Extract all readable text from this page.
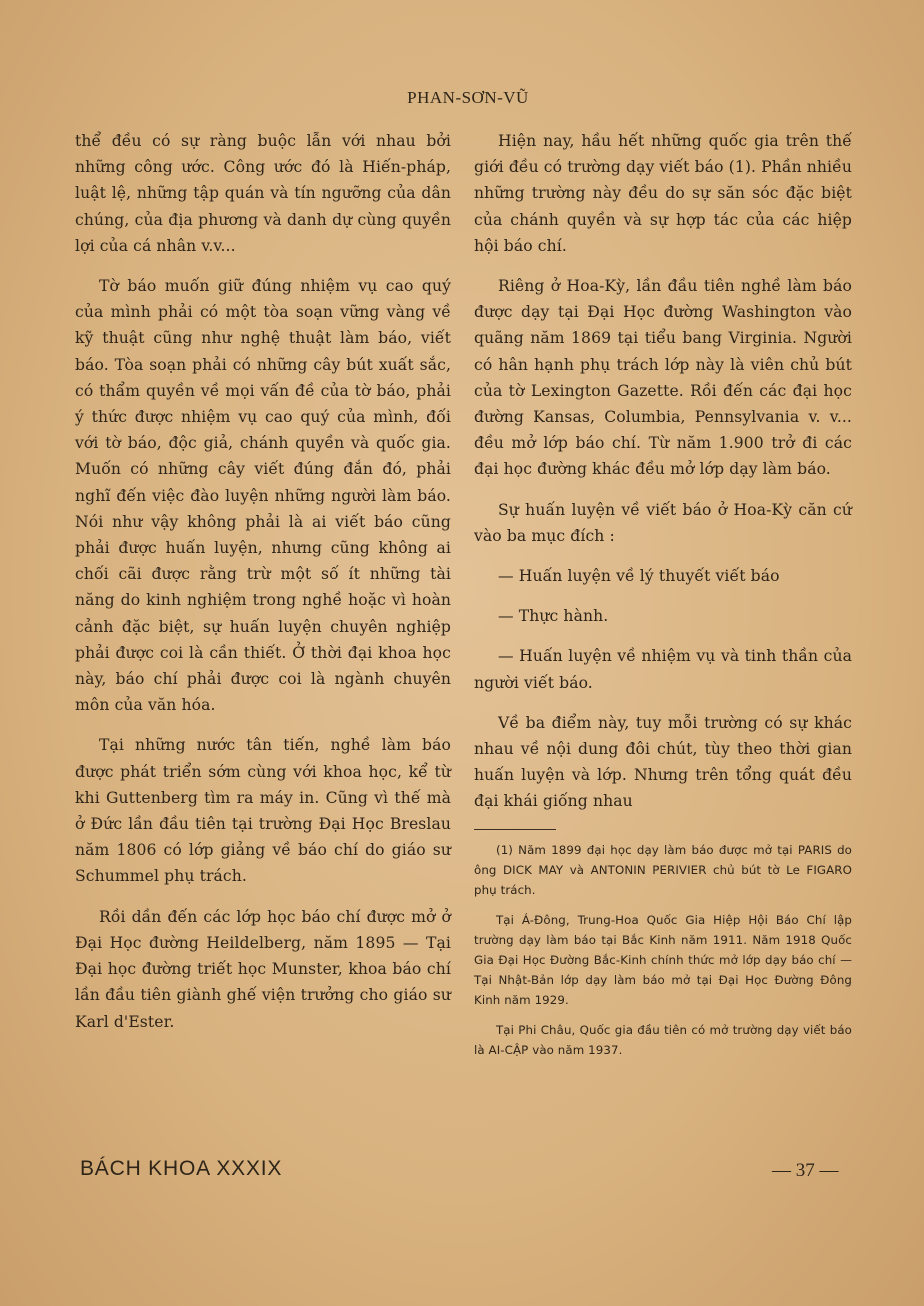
PHAN-SƠN-VŨ

thể đều có sự ràng buộc lẫn với nhau bởi những công ước. Công ước đó là Hiến-pháp, luật lệ, những tập quán và tín ngưỡng của dân chúng, của địa phương và danh dự cùng quyền lợi của cá nhân v.v...

Tờ báo muốn giữ đúng nhiệm vụ cao quý của mình phải có một tòa soạn vững vàng về kỹ thuật cũng như nghệ thuật làm báo, viết báo. Tòa soạn phải có những cây bút xuất sắc, có thẩm quyền về mọi vấn đề của tờ báo, phải ý thức được nhiệm vụ cao quý của mình, đối với tờ báo, độc giả, chánh quyền và quốc gia. Muốn có những cây viết đúng đắn đó, phải nghĩ đến việc đào luyện những người làm báo. Nói như vậy không phải là ai viết báo cũng phải được huấn luyện, nhưng cũng không ai chối cãi được rằng trừ một số ít những tài năng do kinh nghiệm trong nghề hoặc vì hoàn cảnh đặc biệt, sự huấn luyện chuyên nghiệp phải được coi là cần thiết. Ở thời đại khoa học này, báo chí phải được coi là ngành chuyên môn của văn hóa.

Tại những nước tân tiến, nghề làm báo được phát triển sớm cùng với khoa học, kể từ khi Guttenberg tìm ra máy in. Cũng vì thế mà ở Đức lần đầu tiên tại trường Đại Học Breslau năm 1806 có lớp giảng về báo chí do giáo sư Schummel phụ trách.

Rồi dần đến các lớp học báo chí được mở ở Đại Học đường Heildelberg, năm 1895 — Tại Đại học đường triết học Munster, khoa báo chí lần đầu tiên giành ghế viện trưởng cho giáo sư Karl d'Ester.

Hiện nay, hầu hết những quốc gia trên thế giới đều có trường dạy viết báo (1). Phần nhiều những trường này đều do sự săn sóc đặc biệt của chánh quyền và sự hợp tác của các hiệp hội báo chí.

Riêng ở Hoa-Kỳ, lần đầu tiên nghề làm báo được dạy tại Đại Học đường Washington vào quãng năm 1869 tại tiểu bang Virginia. Người có hân hạnh phụ trách lớp này là viên chủ bút của tờ Lexington Gazette. Rồi đến các đại học đường Kansas, Columbia, Pennsylvania v. v... đều mở lớp báo chí. Từ năm 1.900 trở đi các đại học đường khác đều mở lớp dạy làm báo.

Sự huấn luyện về viết báo ở Hoa-Kỳ căn cứ vào ba mục đích :

— Huấn luyện về lý thuyết viết báo

— Thực hành.

— Huấn luyện về nhiệm vụ và tinh thần của người viết báo.

Về ba điểm này, tuy mỗi trường có sự khác nhau về nội dung đôi chút, tùy theo thời gian huấn luyện và lớp. Nhưng trên tổng quát đều đại khái giống nhau

(1) Năm 1899 đại học dạy làm báo được mở tại PARIS do ông DICK MAY và ANTONIN PERIVIER chủ bút tờ Le FIGARO phụ trách.
Tại Á-Đông, Trung-Hoa Quốc Gia Hiệp Hội Báo Chí lập trường dạy làm báo tại Bắc Kinh năm 1911. Năm 1918 Quốc Gia Đại Học Đường Bắc-Kinh chính thức mở lớp dạy báo chí — Tại Nhật-Bản lớp dạy làm báo mở tại Đại Học Đường Đông Kinh năm 1929.
Tại Phi Châu, Quốc gia đầu tiên có mở trường dạy viết báo là AI-CẬP vào năm 1937.
BÁCH KHOA XXXIX	— 37 —
